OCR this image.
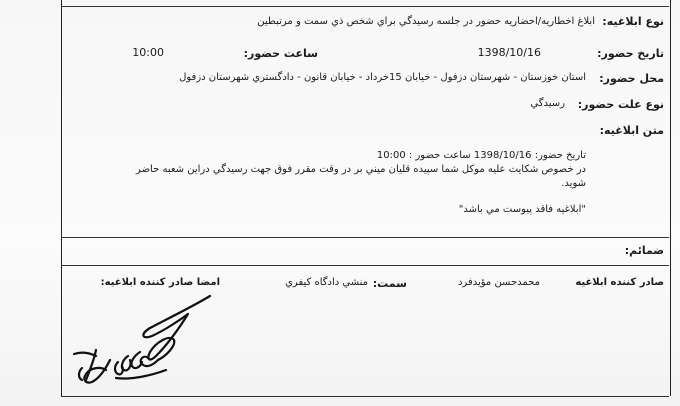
نوع ابلاغيه:
ابلاغ اخطاريه/احضاريه حضور در جلسه رسيدگي براي شخص ذي سمت و مرتبطين
تاريخ حضور:
1398/10/16
ساعت حضور:
10:00
محل حضور:
استان خوزستان - شهرستان دزفول - خيابان 15خرداد - خيابان قانون - دادگستري شهرستان دزفول
نوع علت حضور:
رسيدگي
متن ابلاغيه:
تاريخ حضور: 1398/10/16 ساعت حضور : 10:00
در خصوص شکايت عليه موکل شما سپيده قليان ميني بر در وقت مقرر فوق جهت رسيدگي دراين شعبه حاضر
شويد.
"ابلاغيه فاقد پيوست مي باشد"
ضمائم:
صادر کننده ابلاغيه
محمدحسن مؤيدفرد
سمت:
منشي دادگاه کيفري
امضا صادر کننده ابلاغيه:
